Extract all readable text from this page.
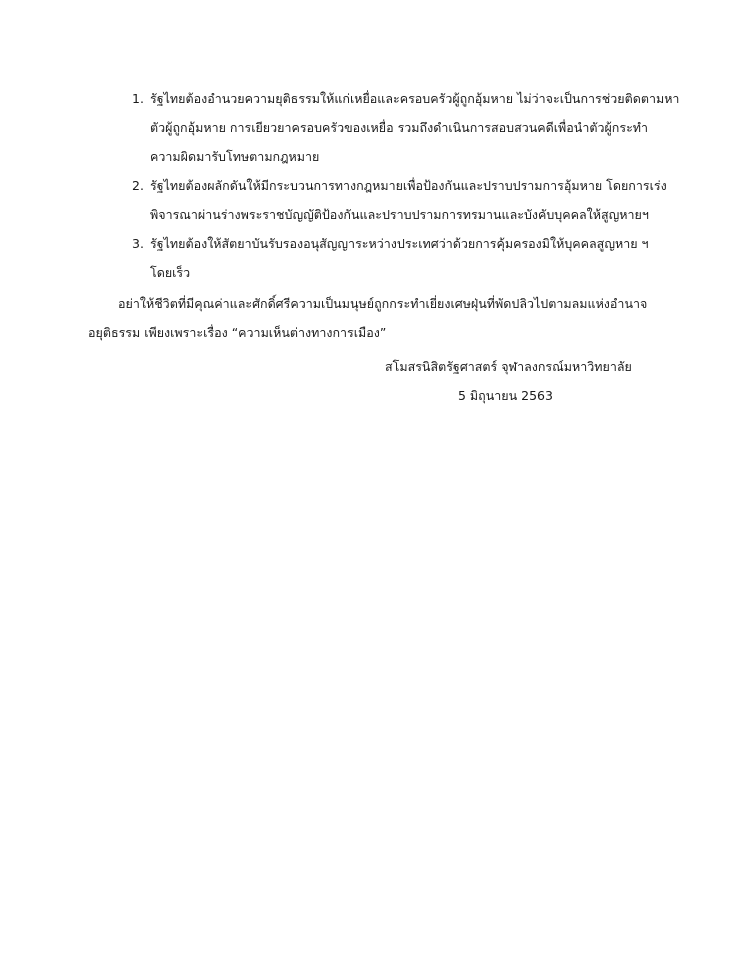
1. รัฐไทยต้องอำนวยความยุติธรรมให้แก่เหยื่อและครอบครัวผู้ถูกอุ้มหาย ไม่ว่าจะเป็นการช่วยติดตามหา
ตัวผู้ถูกอุ้มหาย การเยียวยาครอบครัวของเหยื่อ รวมถึงดำเนินการสอบสวนคดีเพื่อนำตัวผู้กระทำ
ความผิดมารับโทษตามกฎหมาย
2. รัฐไทยต้องผลักดันให้มีกระบวนการทางกฎหมายเพื่อป้องกันและปราบปรามการอุ้มหาย โดยการเร่ง
พิจารณาผ่านร่างพระราชบัญญัติป้องกันและปราบปรามการทรมานและบังคับบุคคลให้สูญหายฯ
3. รัฐไทยต้องให้สัตยาบันรับรองอนุสัญญาระหว่างประเทศว่าด้วยการคุ้มครองมิให้บุคคลสูญหาย ฯ
โดยเร็ว
อย่าให้ชีวิตที่มีคุณค่าและศักดิ์ศรีความเป็นมนุษย์ถูกกระทำเยี่ยงเศษฝุ่นที่พัดปลิวไปตามลมแห่งอำนาจ
อยุติธรรม เพียงเพราะเรื่อง “ความเห็นต่างทางการเมือง”
สโมสรนิสิตรัฐศาสตร์ จุฬาลงกรณ์มหาวิทยาลัย
5 มิถุนายน 2563
